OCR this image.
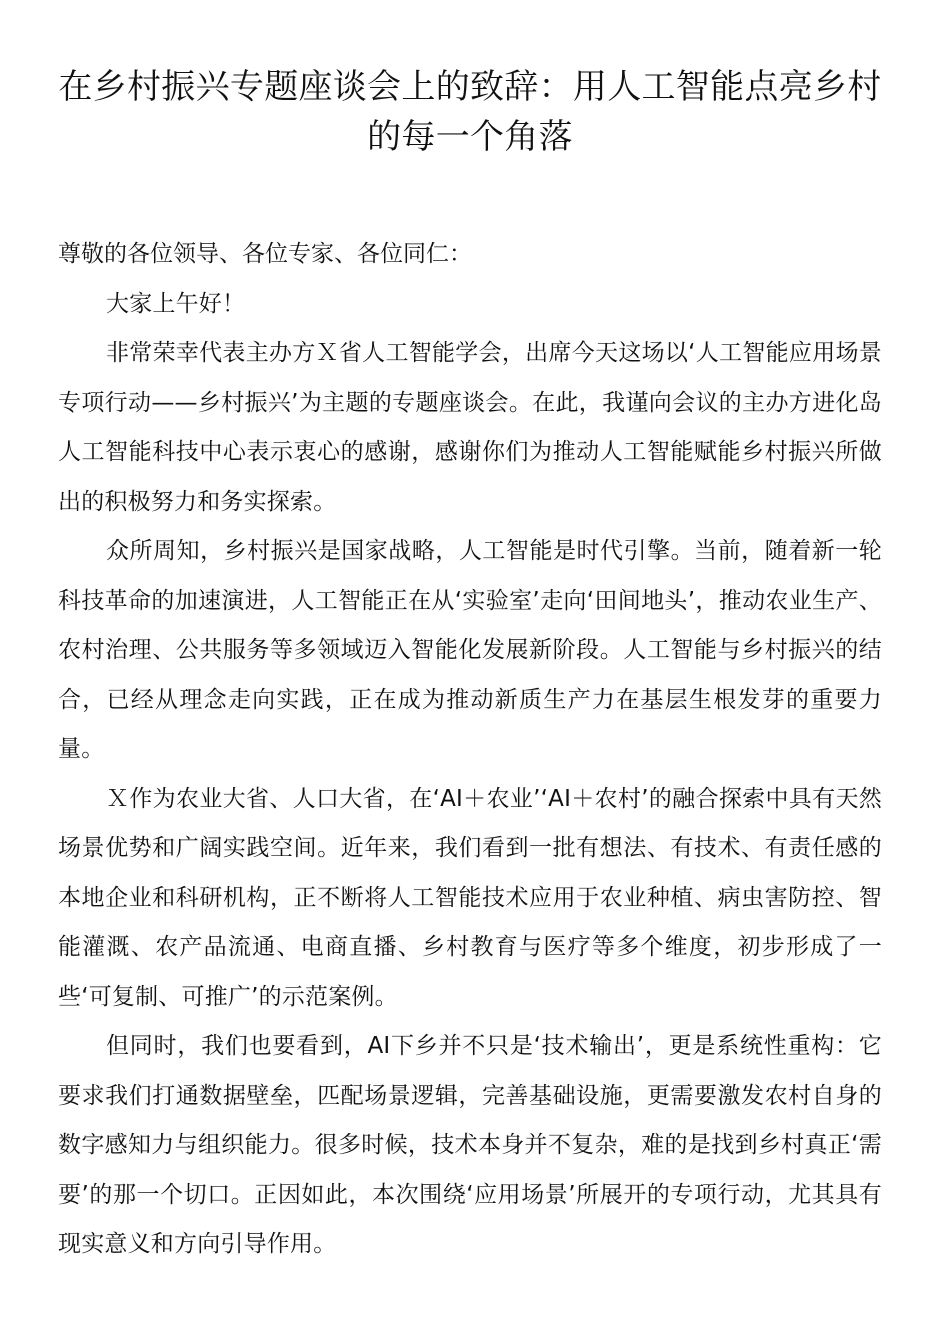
在乡村振兴专题座谈会上的致辞：用人工智能点亮乡村的每一个角落

尊敬的各位领导、各位专家、各位同仁：

大家上午好！

非常荣幸代表主办方Ｘ省人工智能学会，出席今天这场以‘人工智能应用场景专项行动——乡村振兴’为主题的专题座谈会。在此，我谨向会议的主办方进化岛人工智能科技中心表示衷心的感谢，感谢你们为推动人工智能赋能乡村振兴所做出的积极努力和务实探索。

众所周知，乡村振兴是国家战略，人工智能是时代引擎。当前，随着新一轮科技革命的加速演进，人工智能正在从‘实验室’走向‘田间地头’，推动农业生产、农村治理、公共服务等多领域迈入智能化发展新阶段。人工智能与乡村振兴的结合，已经从理念走向实践，正在成为推动新质生产力在基层生根发芽的重要力量。

Ｘ作为农业大省、人口大省，在‘AI＋农业’‘AI＋农村’的融合探索中具有天然场景优势和广阔实践空间。近年来，我们看到一批有想法、有技术、有责任感的本地企业和科研机构，正不断将人工智能技术应用于农业种植、病虫害防控、智能灌溉、农产品流通、电商直播、乡村教育与医疗等多个维度，初步形成了一些‘可复制、可推广’的示范案例。

但同时，我们也要看到，AI下乡并不只是‘技术输出’，更是系统性重构：它要求我们打通数据壁垒，匹配场景逻辑，完善基础设施，更需要激发农村自身的数字感知力与组织能力。很多时候，技术本身并不复杂，难的是找到乡村真正‘需要’的那一个切口。正因如此，本次围绕‘应用场景’所展开的专项行动，尤其具有现实意义和方向引导作用。
